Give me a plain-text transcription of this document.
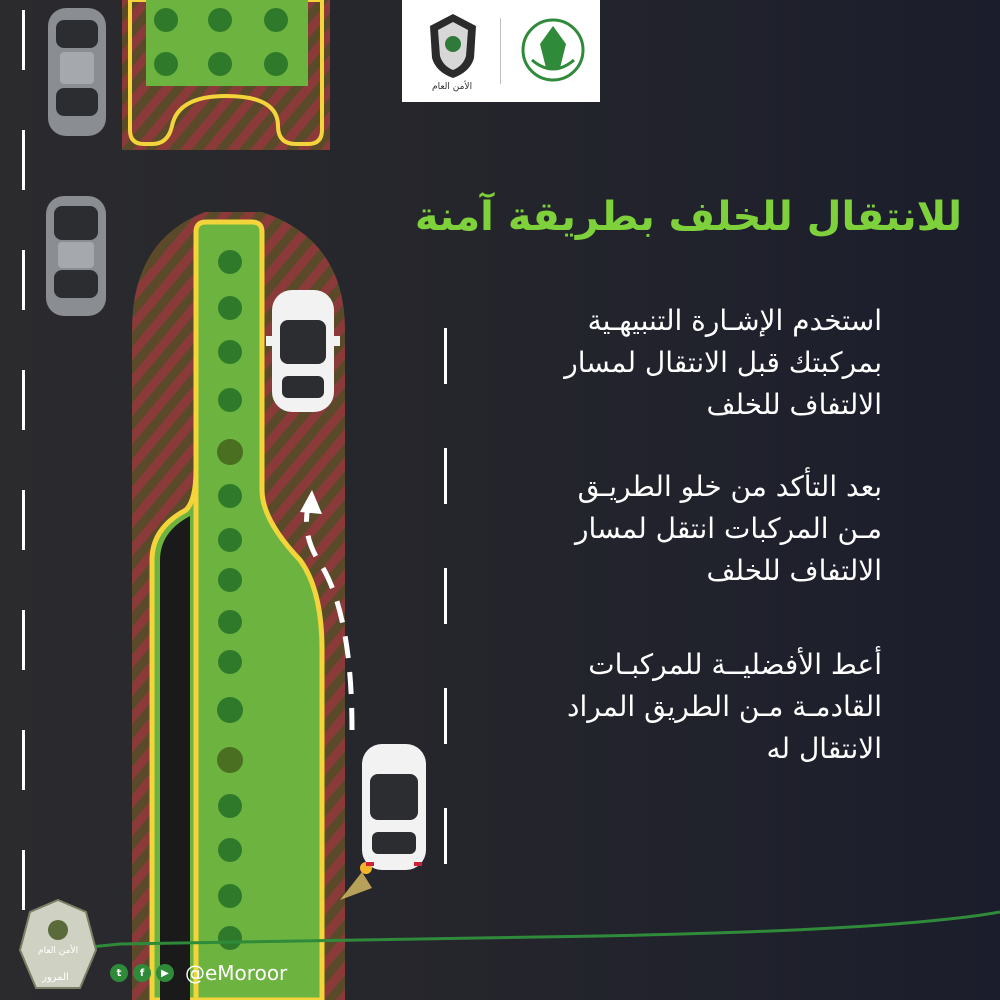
الأمن العام
للانتقال للخلف بطريقة آمنة
استخدم الإشـارة التنبيهـية
بمركبتك قبل الانتقال لمسار
الالتفاف للخلف
بعد التأكد من خلو الطريـق
مـن المركبات انتقل لمسار
الالتفاف للخلف
أعط الأفضليــة للمركبـات
القادمـة مـن الطريق المراد
الانتقال له
الأمن العام
المرور	t	f	▶ @eMoroor
